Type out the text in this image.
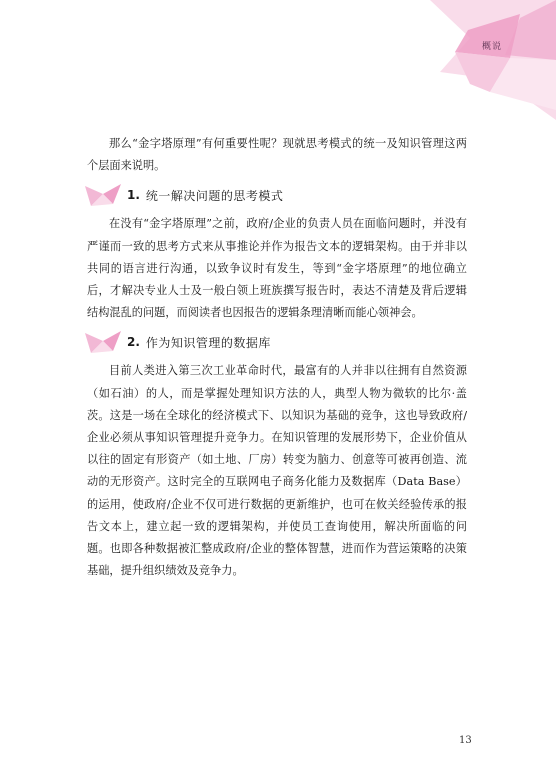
概说

那么“金字塔原理”有何重要性呢？现就思考模式的统一及知识管理这两个层面来说明。

1. 统一解决问题的思考模式

在没有“金字塔原理”之前，政府/企业的负责人员在面临问题时，并没有严谨而一致的思考方式来从事推论并作为报告文本的逻辑架构。由于并非以共同的语言进行沟通，以致争议时有发生，等到“金字塔原理”的地位确立后，才解决专业人士及一般白领上班族撰写报告时，表达不清楚及背后逻辑结构混乱的问题，而阅读者也因报告的逻辑条理清晰而能心领神会。

2. 作为知识管理的数据库

目前人类进入第三次工业革命时代，最富有的人并非以往拥有自然资源（如石油）的人，而是掌握处理知识方法的人，典型人物为微软的比尔·盖茨。这是一场在全球化的经济模式下、以知识为基础的竞争，这也导致政府/企业必须从事知识管理提升竞争力。在知识管理的发展形势下，企业价值从以往的固定有形资产（如土地、厂房）转变为脑力、创意等可被再创造、流动的无形资产。这时完全的互联网电子商务化能力及数据库（Data Base）的运用，使政府/企业不仅可进行数据的更新维护，也可在攸关经验传承的报告文本上，建立起一致的逻辑架构，并使员工查询使用，解决所面临的问题。也即各种数据被汇整成政府/企业的整体智慧，进而作为营运策略的决策基础，提升组织绩效及竞争力。

13
